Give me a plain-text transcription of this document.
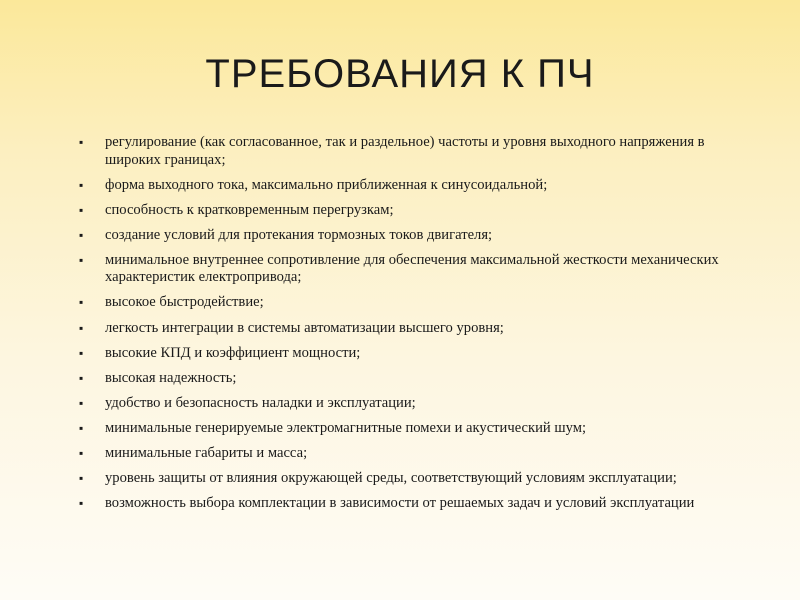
ТРЕБОВАНИЯ К ПЧ
▪ регулирование (как согласованное, так и раздельное) частоты и уровня выходного напряжения в широких границах;
▪ форма выходного тока, максимально приближенная к синусоидальной;
▪ способность к кратковременным перегрузкам;
▪ создание условий для протекания тормозных токов двигателя;
▪ минимальное внутреннее сопротивление для обеспечения максимальной жесткости механических характеристик електропривода;
▪ высокое быстродействие;
▪ легкость интеграции в системы автоматизации высшего уровня;
▪ высокие КПД и коэффициент мощности;
▪ высокая надежность;
▪ удобство и безопасность наладки и эксплуатации;
▪ минимальные генерируемые электромагнитные помехи и акустический шум;
▪ минимальные габариты и масса;
▪ уровень защиты от влияния окружающей среды, соответствующий условиям эксплуатации;
▪ возможность выбора комплектации в зависимости от решаемых задач и условий эксплуатации
